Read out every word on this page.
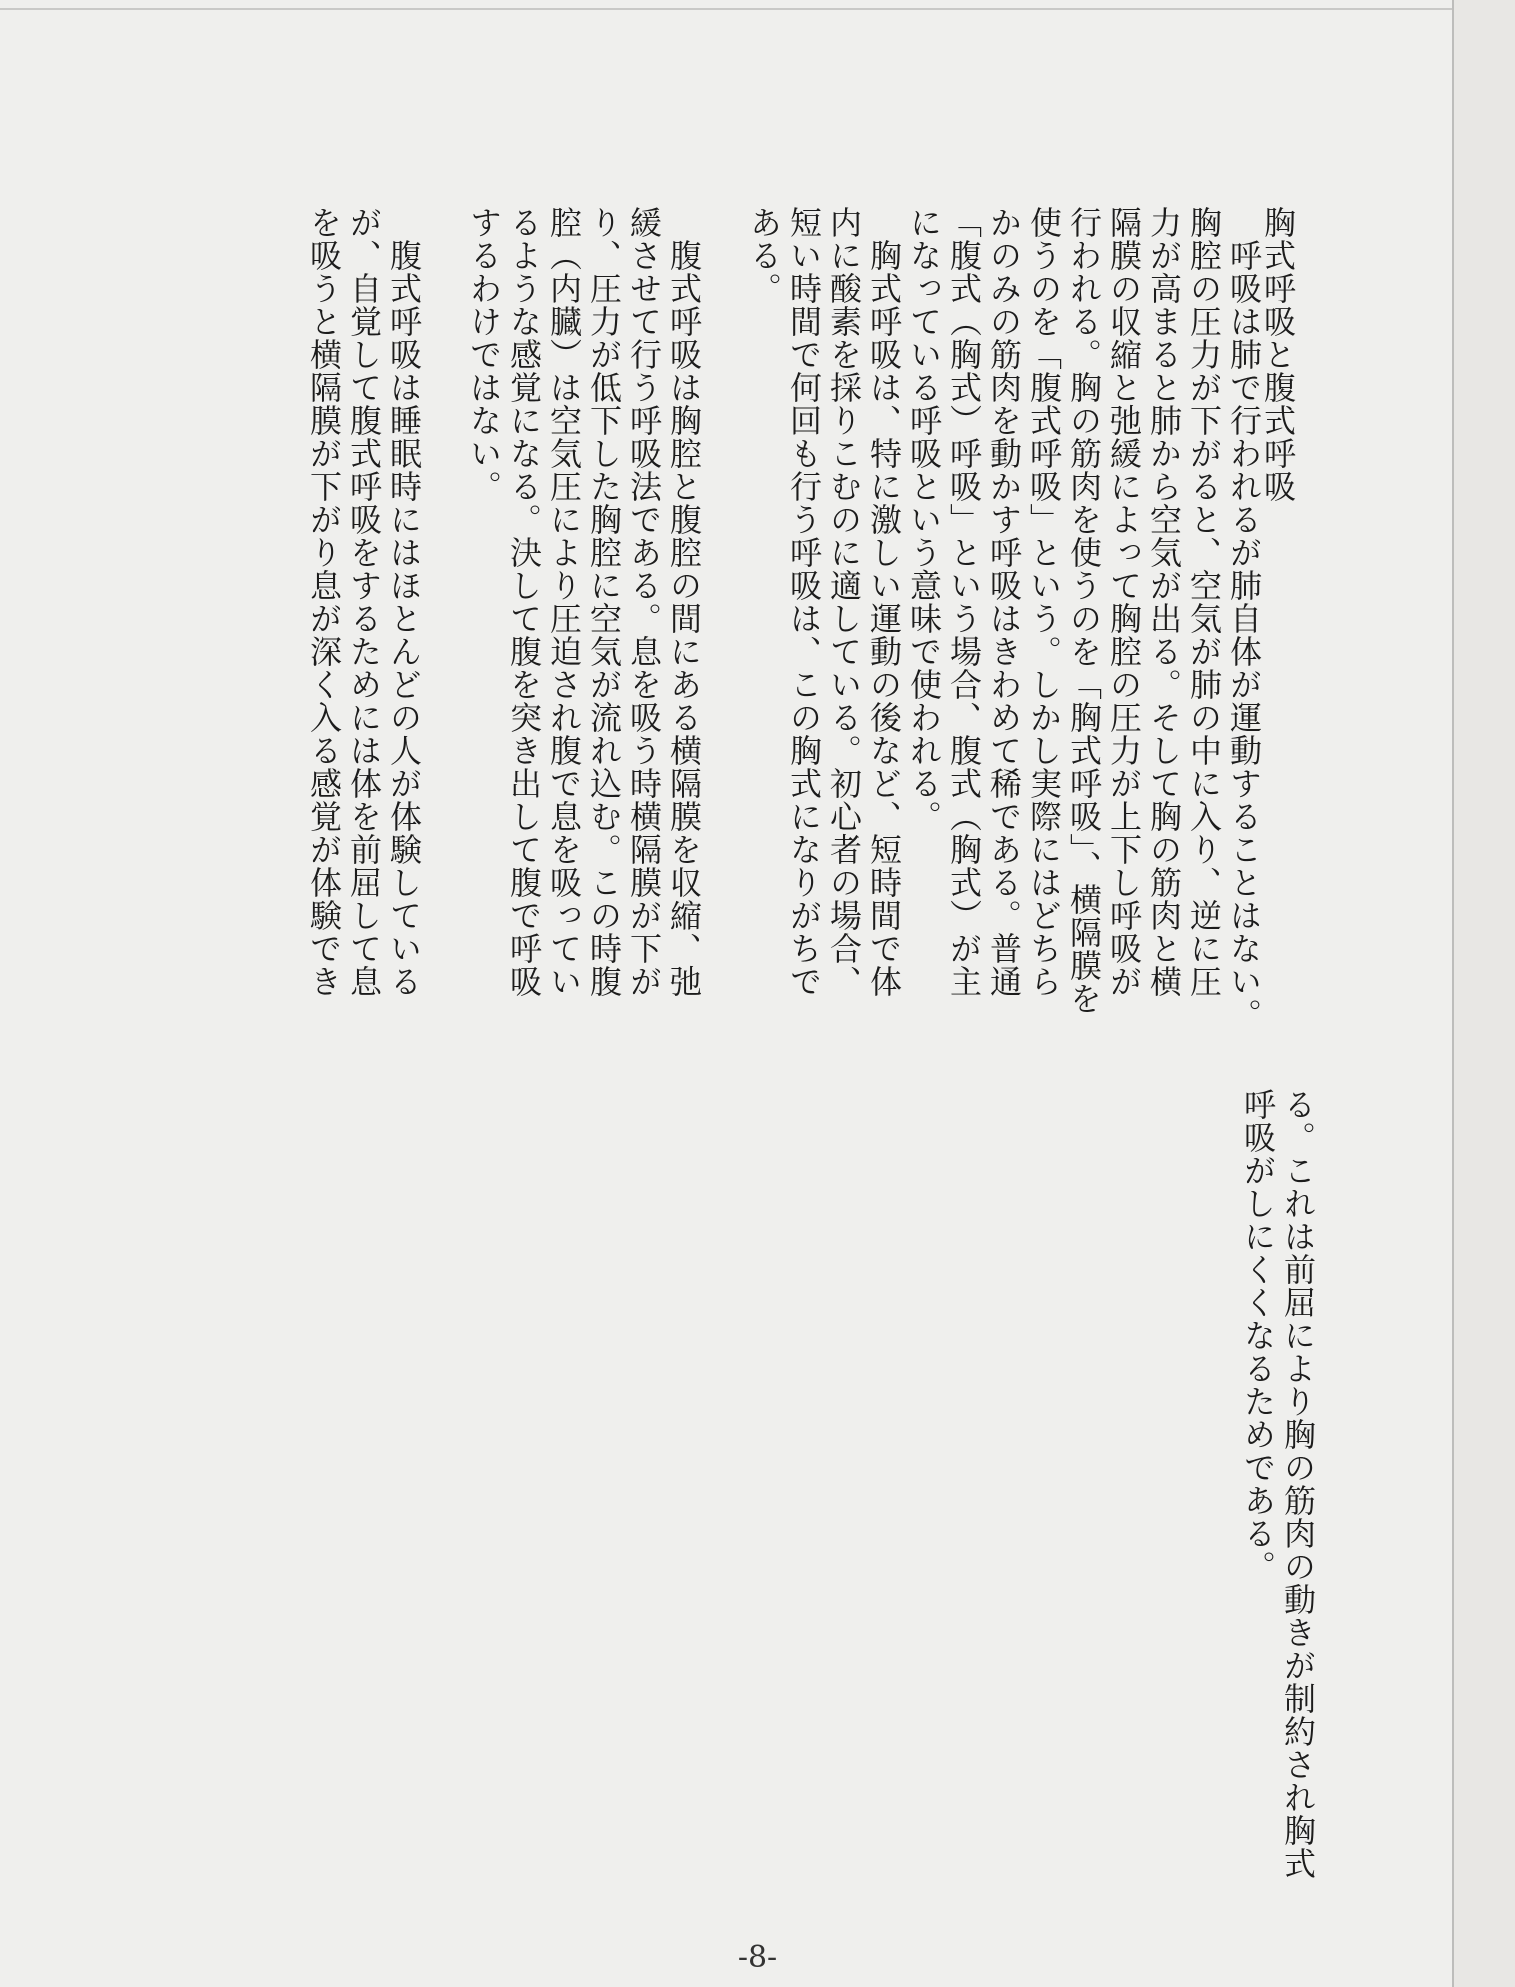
胸式呼吸と腹式呼吸
　呼吸は肺で行われるが肺自体が運動することはない。
胸腔の圧力が下がると、空気が肺の中に入り、逆に圧
力が高まると肺から空気が出る。そして胸の筋肉と横
隔膜の収縮と弛緩によって胸腔の圧力が上下し呼吸が
行われる。胸の筋肉を使うのを「胸式呼吸」、横隔膜を
使うのを「腹式呼吸」という。しかし実際にはどちら
かのみの筋肉を動かす呼吸はきわめて稀である。普通
「腹式（胸式）呼吸」という場合、腹式（胸式）が主
になっている呼吸という意味で使われる。
　胸式呼吸は、特に激しい運動の後など、短時間で体
内に酸素を採りこむのに適している。初心者の場合、
短い時間で何回も行う呼吸は、この胸式になりがちで
ある。
　腹式呼吸は胸腔と腹腔の間にある横隔膜を収縮、弛
緩させて行う呼吸法である。息を吸う時横隔膜が下が
り、圧力が低下した胸腔に空気が流れ込む。この時腹
腔（内臓）は空気圧により圧迫され腹で息を吸ってい
るような感覚になる。決して腹を突き出して腹で呼吸
するわけではない。
　腹式呼吸は睡眠時にはほとんどの人が体験している
が、自覚して腹式呼吸をするためには体を前屈して息
を吸うと横隔膜が下がり息が深く入る感覚が体験でき
る。これは前屈により胸の筋肉の動きが制約され胸式
呼吸がしにくくなるためである。
-8-
